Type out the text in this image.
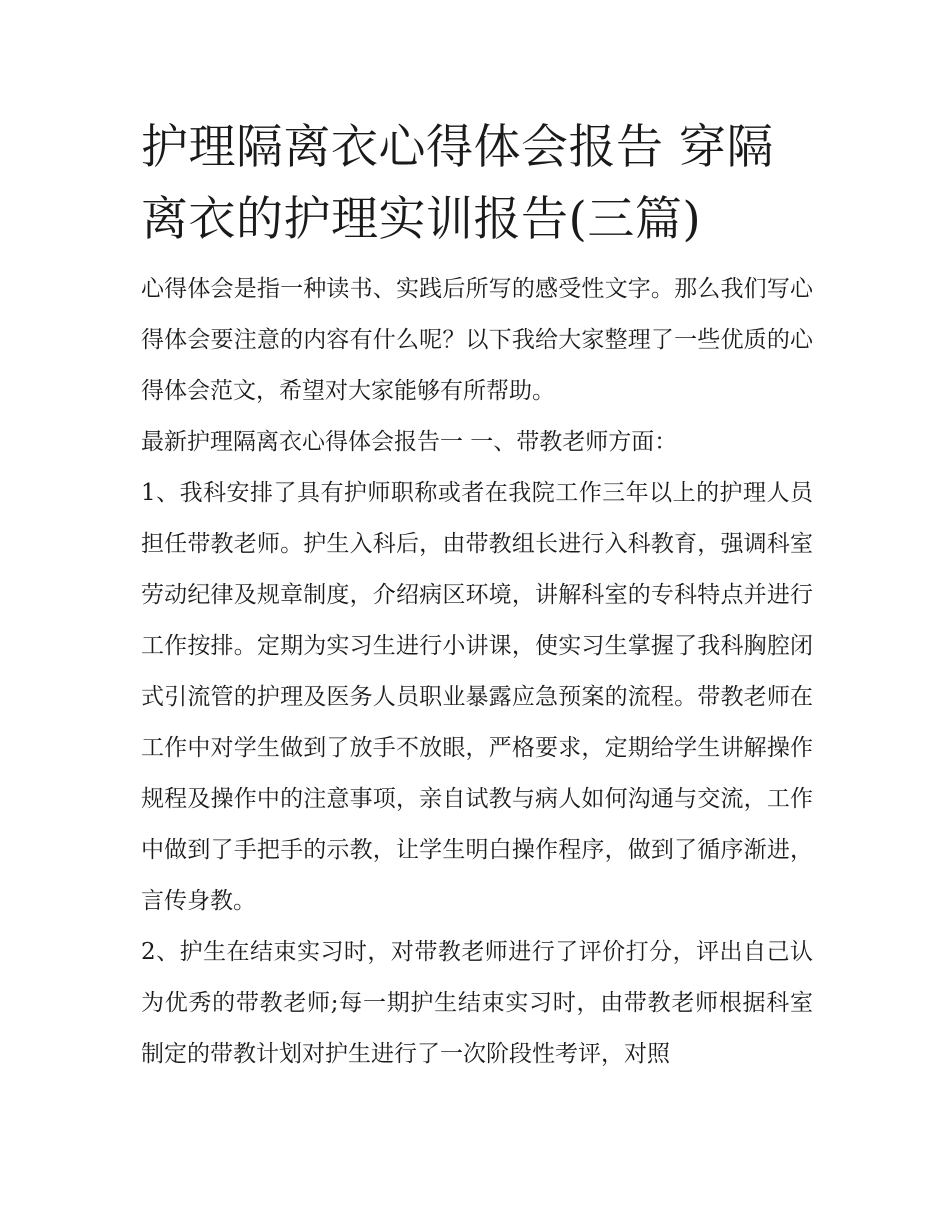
护理隔离衣心得体会报告 穿隔离衣的护理实训报告(三篇)

心得体会是指一种读书、实践后所写的感受性文字。那么我们写心得体会要注意的内容有什么呢？以下我给大家整理了一些优质的心得体会范文，希望对大家能够有所帮助。

最新护理隔离衣心得体会报告一 一、带教老师方面：

1、我科安排了具有护师职称或者在我院工作三年以上的护理人员担任带教老师。护生入科后，由带教组长进行入科教育，强调科室劳动纪律及规章制度，介绍病区环境，讲解科室的专科特点并进行工作按排。定期为实习生进行小讲课，使实习生掌握了我科胸腔闭式引流管的护理及医务人员职业暴露应急预案的流程。带教老师在工作中对学生做到了放手不放眼，严格要求，定期给学生讲解操作规程及操作中的注意事项，亲自试教与病人如何沟通与交流，工作中做到了手把手的示教，让学生明白操作程序，做到了循序渐进，言传身教。

2、护生在结束实习时，对带教老师进行了评价打分，评出自己认为优秀的带教老师;每一期护生结束实习时，由带教老师根据科室制定的带教计划对护生进行了一次阶段性考评，对照
